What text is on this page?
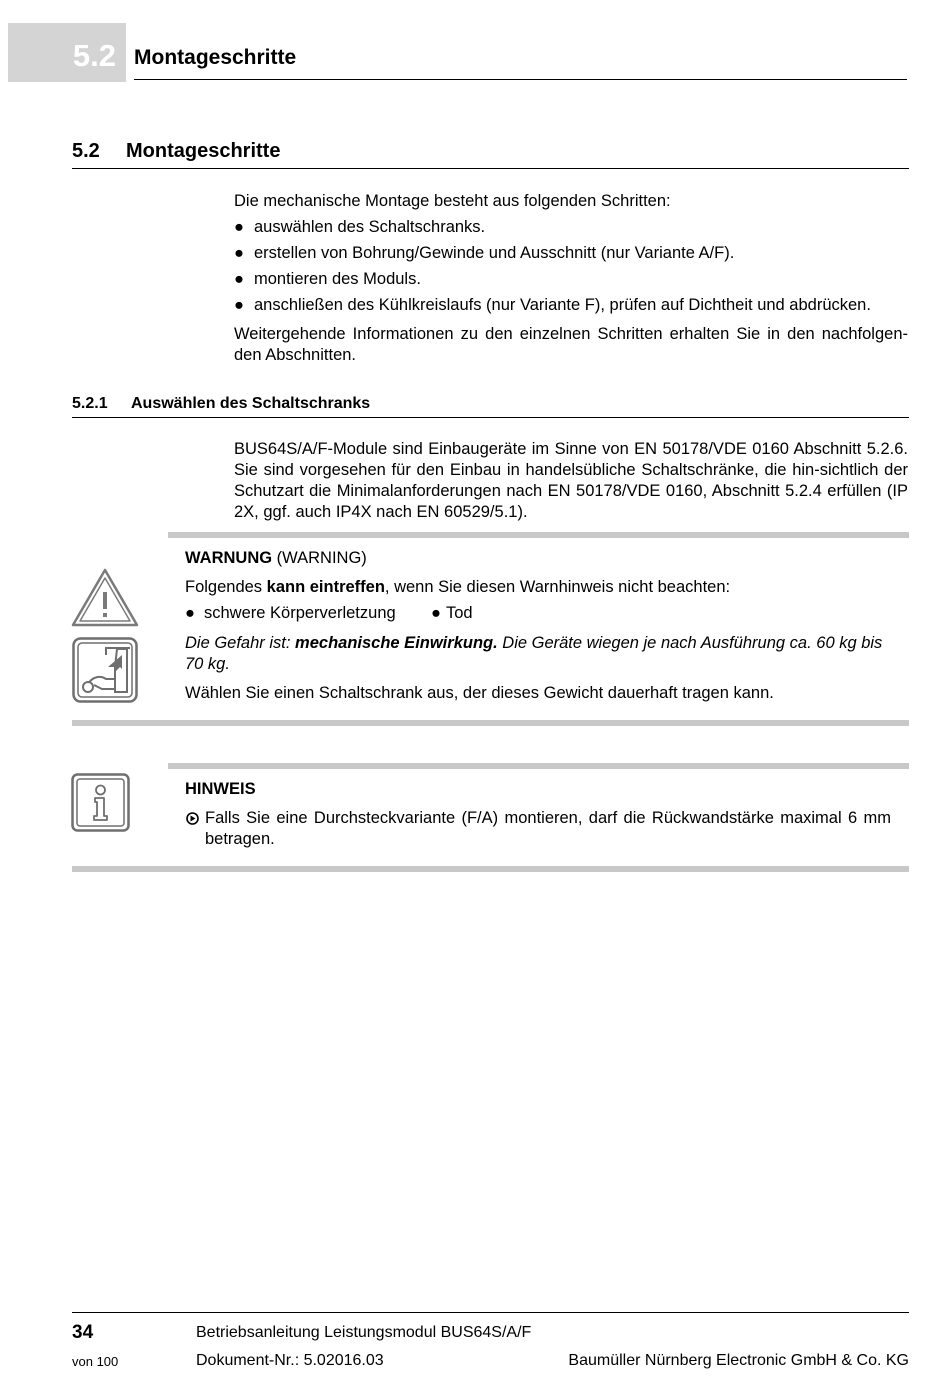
5.2 Montageschritte
5.2 Montageschritte
Die mechanische Montage besteht aus folgenden Schritten:
● auswählen des Schaltschranks.
● erstellen von Bohrung/Gewinde und Ausschnitt (nur Variante A/F).
● montieren des Moduls.
● anschließen des Kühlkreislaufs (nur Variante F), prüfen auf Dichtheit und abdrücken.
Weitergehende Informationen zu den einzelnen Schritten erhalten Sie in den nachfolgen-den Abschnitten.
5.2.1 Auswählen des Schaltschranks
BUS64S/A/F-Module sind Einbaugeräte im Sinne von EN 50178/VDE 0160 Abschnitt 5.2.6. Sie sind vorgesehen für den Einbau in handelsübliche Schaltschränke, die hin-sichtlich der Schutzart die Minimalanforderungen nach EN 50178/VDE 0160, Abschnitt 5.2.4 erfüllen (IP 2X, ggf. auch IP4X nach EN 60529/5.1).
WARNUNG (WARNING)
Folgendes kann eintreffen, wenn Sie diesen Warnhinweis nicht beachten:
● schwere Körperverletzung ● Tod
Die Gefahr ist: mechanische Einwirkung. Die Geräte wiegen je nach Ausführung ca. 60 kg bis 70 kg.
Wählen Sie einen Schaltschrank aus, der dieses Gewicht dauerhaft tragen kann.
HINWEIS
Falls Sie eine Durchsteckvariante (F/A) montieren, darf die Rückwandstärke maximal 6 mm betragen.
34
von 100
Betriebsanleitung Leistungsmodul BUS64S/A/F
Dokument-Nr.: 5.02016.03	Baumüller Nürnberg Electronic GmbH & Co. KG
